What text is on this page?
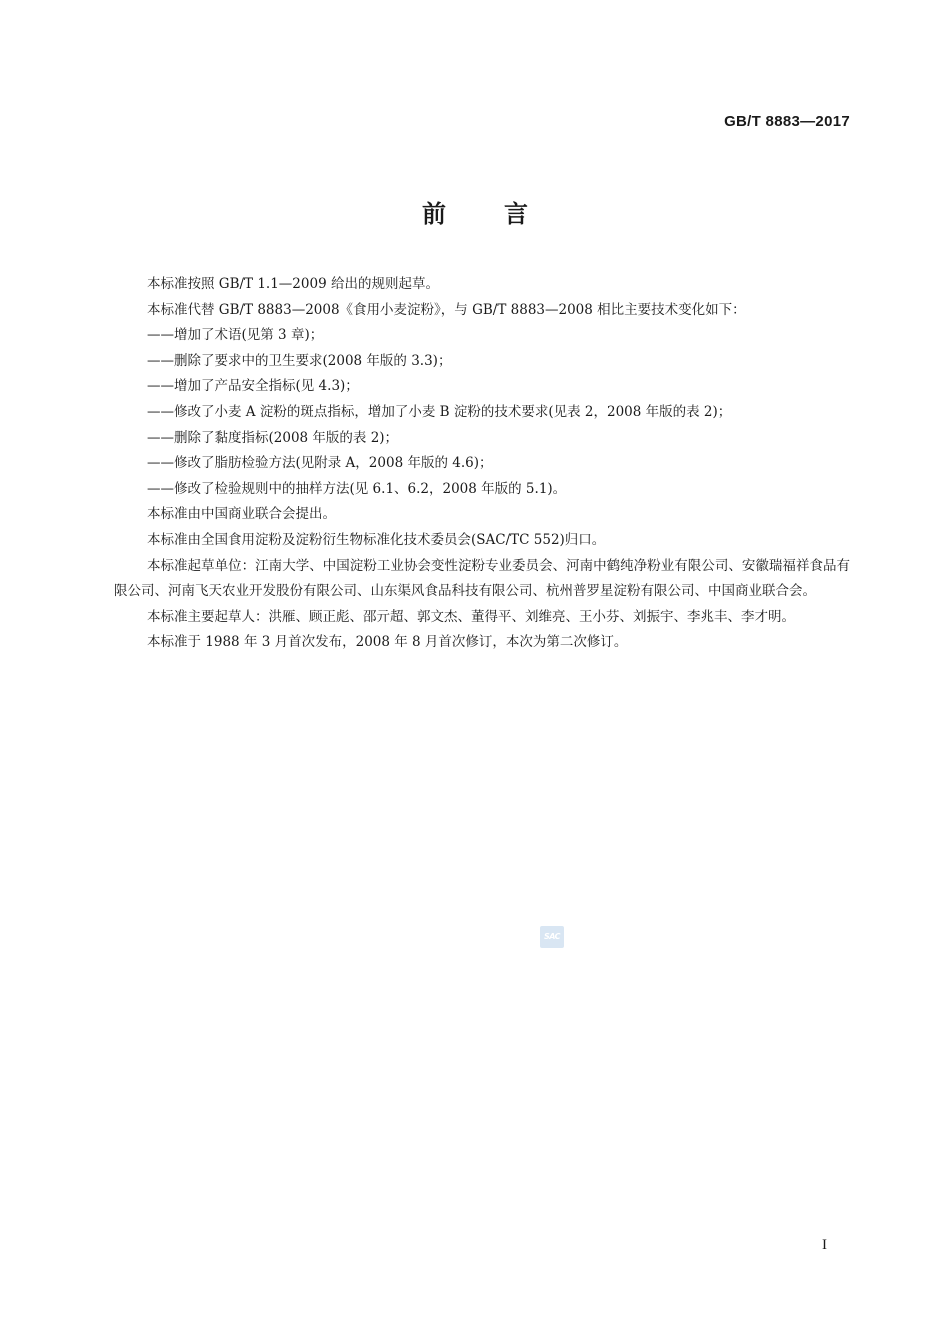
GB/T 8883—2017
前言

本标准按照 GB/T 1.1—2009 给出的规则起草。

本标准代替 GB/T 8883—2008《食用小麦淀粉》，与 GB/T 8883—2008 相比主要技术变化如下：

——增加了术语(见第 3 章)；

——删除了要求中的卫生要求(2008 年版的 3.3)；

——增加了产品安全指标(见 4.3)；

——修改了小麦 A 淀粉的斑点指标，增加了小麦 B 淀粉的技术要求(见表 2，2008 年版的表 2)；

——删除了黏度指标(2008 年版的表 2)；

——修改了脂肪检验方法(见附录 A，2008 年版的 4.6)；

——修改了检验规则中的抽样方法(见 6.1、6.2，2008 年版的 5.1)。

本标准由中国商业联合会提出。

本标准由全国食用淀粉及淀粉衍生物标准化技术委员会(SAC/TC 552)归口。

本标准起草单位：江南大学、中国淀粉工业协会变性淀粉专业委员会、河南中鹤纯净粉业有限公司、安徽瑞福祥食品有限公司、河南飞天农业开发股份有限公司、山东渠风食品科技有限公司、杭州普罗星淀粉有限公司、中国商业联合会。

本标准主要起草人：洪雁、顾正彪、邵亓超、郭文杰、董得平、刘维亮、王小芬、刘振宇、李兆丰、李才明。

本标准于 1988 年 3 月首次发布，2008 年 8 月首次修订，本次为第二次修订。

SAC
I
